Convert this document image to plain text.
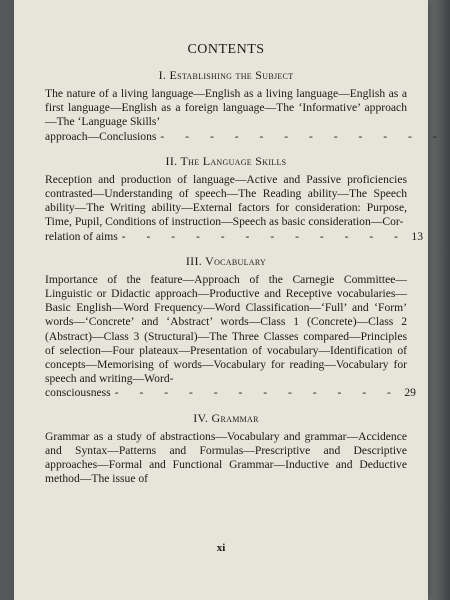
CONTENTS
I. Establishing the Subject

The nature of a living language—English as a living language—English as a first language—English as a foreign language—The ‘Informative’ approach—The ‘Language Skills’
approach—Conclusions - - - - - - - - - - - -

II. The Language Skills

Reception and production of language—Active and Passive proficiencies contrasted—Understanding of speech—The Reading ability—The Speech ability—The Writing ability—External factors for consideration: Purpose, Time, Pupil, Conditions of instruction—Speech as basic consideration—Cor-
relation of aims - - - - - - - - - - - - 13

III. Vocabulary

Importance of the feature—Approach of the Carnegie Committee—Linguistic or Didactic approach—Productive and Receptive vocabularies—Basic English—Word Frequency—Word Classification—‘Full’ and ‘Form’ words—‘Concrete’ and ‘Abstract’ words—Class 1 (Concrete)—Class 2 (Abstract)—Class 3 (Structural)—The Three Classes compared—Principles of selection—Four plateaux—Presentation of vocabulary—Identification of concepts—Memorising of words—Vocabulary for reading—Vocabulary for speech and writing—Word-
consciousness - - - - - - - - - - - - 29

IV. Grammar

Grammar as a study of abstractions—Vocabulary and grammar—Accidence and Syntax—Patterns and Formulas—Prescriptive and Descriptive approaches—Formal and Functional Grammar—Inductive and Deductive method—The issue of

xi
